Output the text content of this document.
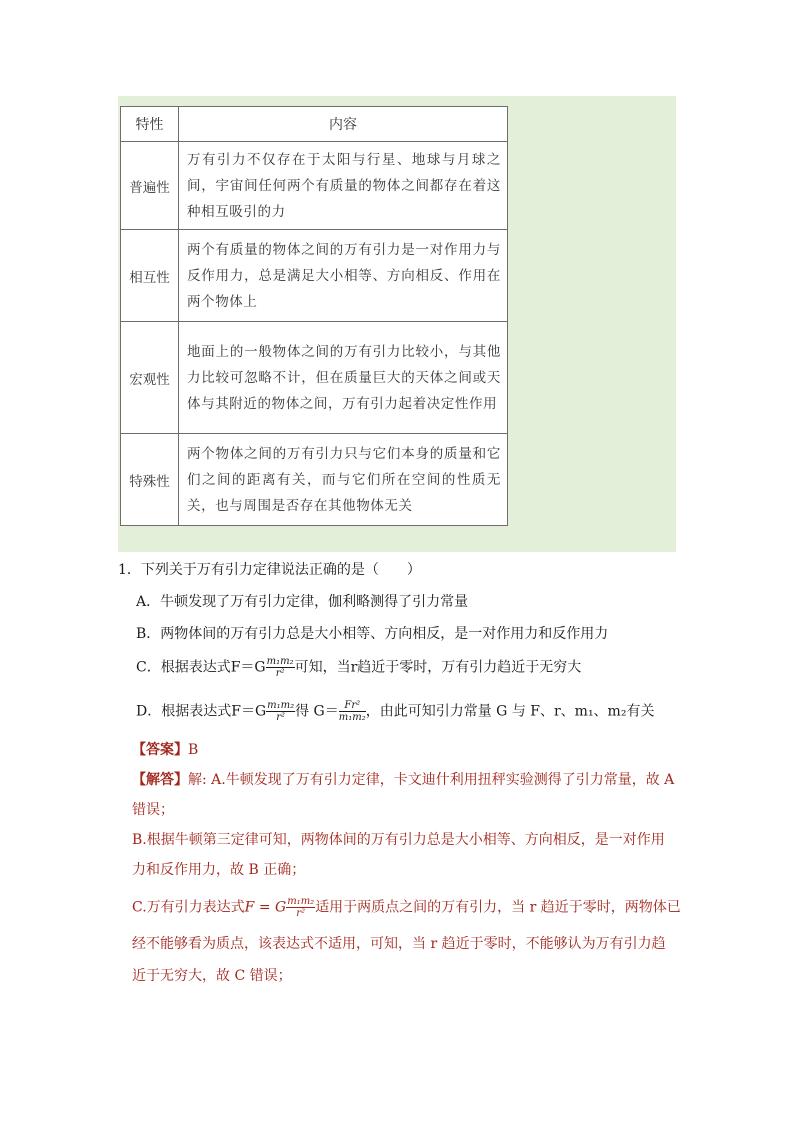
特性	内容
普遍性	万有引力不仅存在于太阳与行星、地球与月球之间，宇宙间任何两个有质量的物体之间都存在着这种相互吸引的力
相互性	两个有质量的物体之间的万有引力是一对作用力与反作用力，总是满足大小相等、方向相反、作用在两个物体上
宏观性	地面上的一般物体之间的万有引力比较小，与其他力比较可忽略不计，但在质量巨大的天体之间或天体与其附近的物体之间，万有引力起着决定性作用
特殊性	两个物体之间的万有引力只与它们本身的质量和它们之间的距离有关，而与它们所在空间的性质无关，也与周围是否存在其他物体无关
1．下列关于万有引力定律说法正确的是（　　）
A．牛顿发现了万有引力定律，伽利略测得了引力常量
B．两物体间的万有引力总是大小相等、方向相反，是一对作用力和反作用力
C．根据表达式$F=G \frac{\text{m₁m₂}}{\text{r²}}$ 可知，当r趋近于零时，万有引力趋近于无穷大
D．根据表达式$F=G \frac{\text{m₁m₂}}{\text{r²}}$ 得 $G= \frac{\text{Fr²}}{\text{m₁m₂}}$ ，由此可知引力常量 G 与 F、r、m₁、m₂有关
【答案】B
【解答】解: A.牛顿发现了万有引力定律，卡文迪什利用扭秤实验测得了引力常量，故 A
错误；
B.根据牛顿第三定律可知，两物体间的万有引力总是大小相等、方向相反，是一对作用
力和反作用力，故 B 正确；
C.万有引力表达式F = G $\frac{\text{m₁m₂}}{\text{r²}}$ 适用于两质点之间的万有引力，当 r 趋近于零时，两物体已
经不能够看为质点，该表达式不适用，可知，当 r 趋近于零时，不能够认为万有引力趋
近于无穷大，故 C 错误；
